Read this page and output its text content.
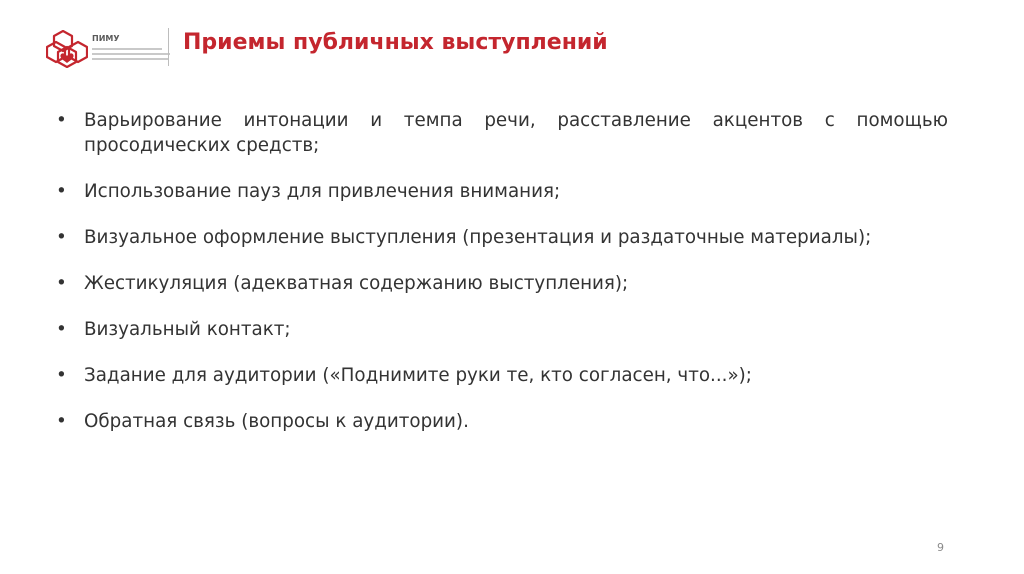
ПИМУ	Приемы публичных выступлений
• Варьирование интонации и темпа речи, расставление акцентов с помощью просодических средств;
• Использование пауз для привлечения внимания;
• Визуальное оформление выступления (презентация и раздаточные материалы);
• Жестикуляция (адекватная содержанию выступления);
• Визуальный контакт;
• Задание для аудитории («Поднимите руки те, кто согласен, что...»);
• Обратная связь (вопросы к аудитории).
9
